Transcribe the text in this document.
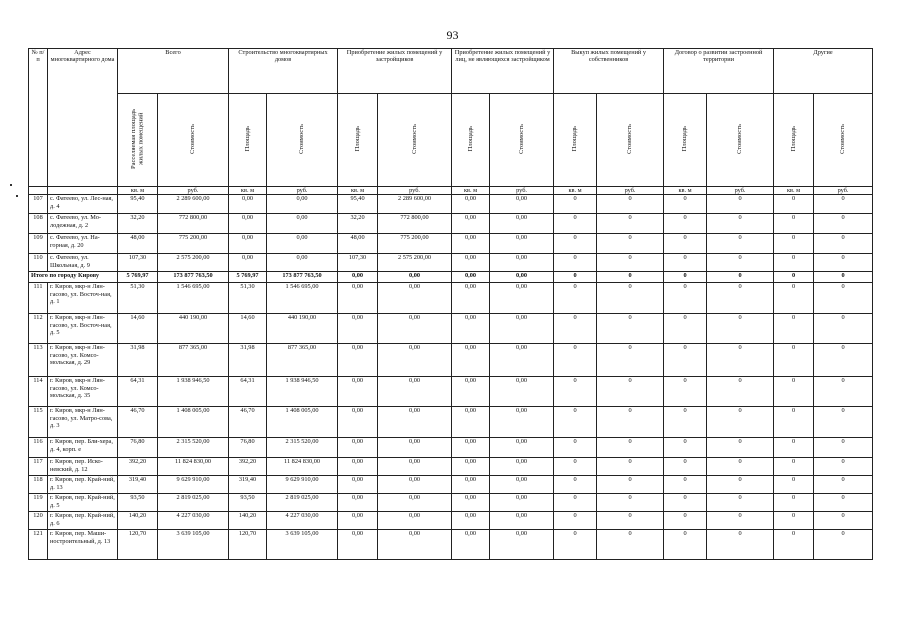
93
№ п/п	Адрес многоквартирного дома	Всего		Строительство многоквартирных домов		Приобретение жилых помещений у застройщиков		Приобретение жилых помещений у лиц, не являющихся застройщиком		Выкуп жилых помещений у собственников		Договор о развитии застроенной территории		Другие	
		Расселяемая площадь жилых помещений	Стоимость	Площадь	Стоимость	Площадь	Стоимость	Площадь	Стоимость	Площадь	Стоимость	Площадь	Стоимость	Площадь	Стоимость
		кв. м	руб.	кв. м	руб.	кв. м	руб.	кв. м	руб.	кв. м	руб.	кв. м	руб.	кв. м	руб.
107	с. Фатеево, ул. Лес-ная, д. 4	95,40	2 289 600,00	0,00	0,00	95,40	2 289 600,00	0,00	0,00	0	0	0	0	0	0
108	с. Фатеево, ул. Мо-лодежная, д. 2	32,20	772 800,00	0,00	0,00	32,20	772 800,00	0,00	0,00	0	0	0	0	0	0
109	с. Фатеево, ул. На-горная, д. 20	48,00	775 200,00	0,00	0,00	48,00	775 200,00	0,00	0,00	0	0	0	0	0	0
110	с. Фатеево, ул. Школьная, д. 9	107,30	2 575 200,00	0,00	0,00	107,30	2 575 200,00	0,00	0,00	0	0	0	0	0	0
Итого по городу Кирову		5 769,97	173 877 763,50	5 769,97	173 877 763,50	0,00	0,00	0,00	0,00	0	0	0	0	0	0
111	г. Киров, мкр-н Лян-гасово, ул. Восточ-ная, д. 1	51,30	1 546 695,00	51,30	1 546 695,00	0,00	0,00	0,00	0,00	0	0	0	0	0	0
112	г. Киров, мкр-н Лян-гасово, ул. Восточ-ная, д. 5	14,60	440 190,00	14,60	440 190,00	0,00	0,00	0,00	0,00	0	0	0	0	0	0
113	г. Киров, мкр-н Лян-гасово, ул. Комсо-мольская, д. 29	31,98	877 365,00	31,98	877 365,00	0,00	0,00	0,00	0,00	0	0	0	0	0	0
114	г. Киров, мкр-н Лян-гасово, ул. Комсо-мольская, д. 35	64,31	1 938 946,50	64,31	1 938 946,50	0,00	0,00	0,00	0,00	0	0	0	0	0	0
115	г. Киров, мкр-н Лян-гасово, ул. Матро-сова, д. 3	46,70	1 408 005,00	46,70	1 408 005,00	0,00	0,00	0,00	0,00	0	0	0	0	0	0
116	г. Киров, пер. Бли-хера, д. 4, корп. е	76,80	2 315 520,00	76,80	2 315 520,00	0,00	0,00	0,00	0,00	0	0	0	0	0	0
117	г. Киров, пер. Иско-невский, д. 12	392,20	11 824 830,00	392,20	11 824 830,00	0,00	0,00	0,00	0,00	0	0	0	0	0	0
118	г. Киров, пер. Край-ний, д. 13	319,40	9 629 910,00	319,40	9 629 910,00	0,00	0,00	0,00	0,00	0	0	0	0	0	0
119	г. Киров, пер. Край-ний, д. 5	93,50	2 819 025,00	93,50	2 819 025,00	0,00	0,00	0,00	0,00	0	0	0	0	0	0
120	г. Киров, пер. Край-ний, д. 6	140,20	4 227 030,00	140,20	4 227 030,00	0,00	0,00	0,00	0,00	0	0	0	0	0	0
121	г. Киров, пер. Маши-ностроительный, д. 13	120,70	3 639 105,00	120,70	3 639 105,00	0,00	0,00	0,00	0,00	0	0	0	0	0	0
